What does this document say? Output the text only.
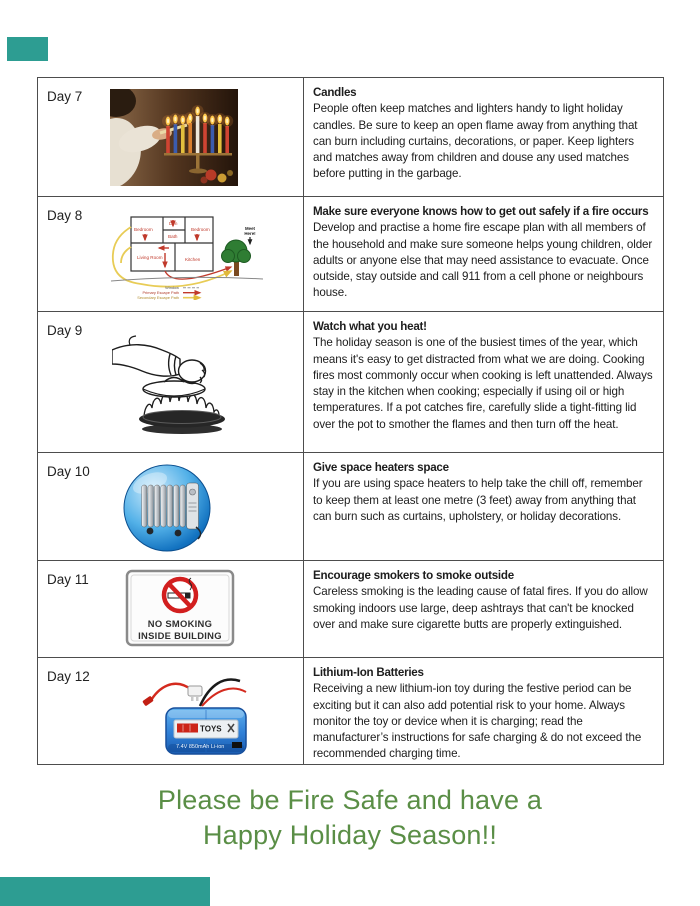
Day 7	Candles
People often keep matches and lighters handy to light holiday candles. Be sure to keep an open flame away from anything that can burn including curtains, decorations, or paper. Keep lighters and matches away from children and douse any used matches before putting in the garbage.
Day 8
Bedroom
Den
Bath
Bedroom
Living Room	Kitchen
Meet
Here!
Window
Primary Escape Path
Secondary Escape Path
Make sure everyone knows how to get out safely if a fire occurs
Develop and practise a home fire escape plan with all members of the household and make sure someone helps young children, older adults or anyone else that may need assistance to evacuate. Once outside, stay outside and call 911 from a cell phone or neighbours house.
Day 9	Watch what you heat!
The holiday season is one of the busiest times of the year, which means it's easy to get distracted from what we are doing. Cooking fires most commonly occur when cooking is left unattended. Always stay in the kitchen when cooking; especially if using oil or high temperatures. If a pot catches fire, carefully slide a tight-fitting lid over the pot to smother the flames and then turn off the heat.
Day 10	Give space heaters space
If you are using space heaters to help take the chill off, remember to keep them at least one metre (3 feet) away from anything that can burn such as curtains, upholstery, or holiday decorations.
Day 11
NO SMOKING
INSIDE BUILDING
Encourage smokers to smoke outside
Careless smoking is the leading cause of fatal fires. If you do allow smoking indoors use large, deep ashtrays that can't be knocked over and make sure cigarette butts are properly extinguished.
Day 12
TOYS
7.4V 850mAh Li-ion
Lithium-Ion Batteries
Receiving a new lithium-ion toy during the festive period can be exciting but it can also add potential risk to your home. Always monitor the toy or device when it is charging; read the manufacturer’s instructions for safe charging & do not exceed the recommended charging time.
Please be Fire Safe and have a
Happy Holiday Season!!
